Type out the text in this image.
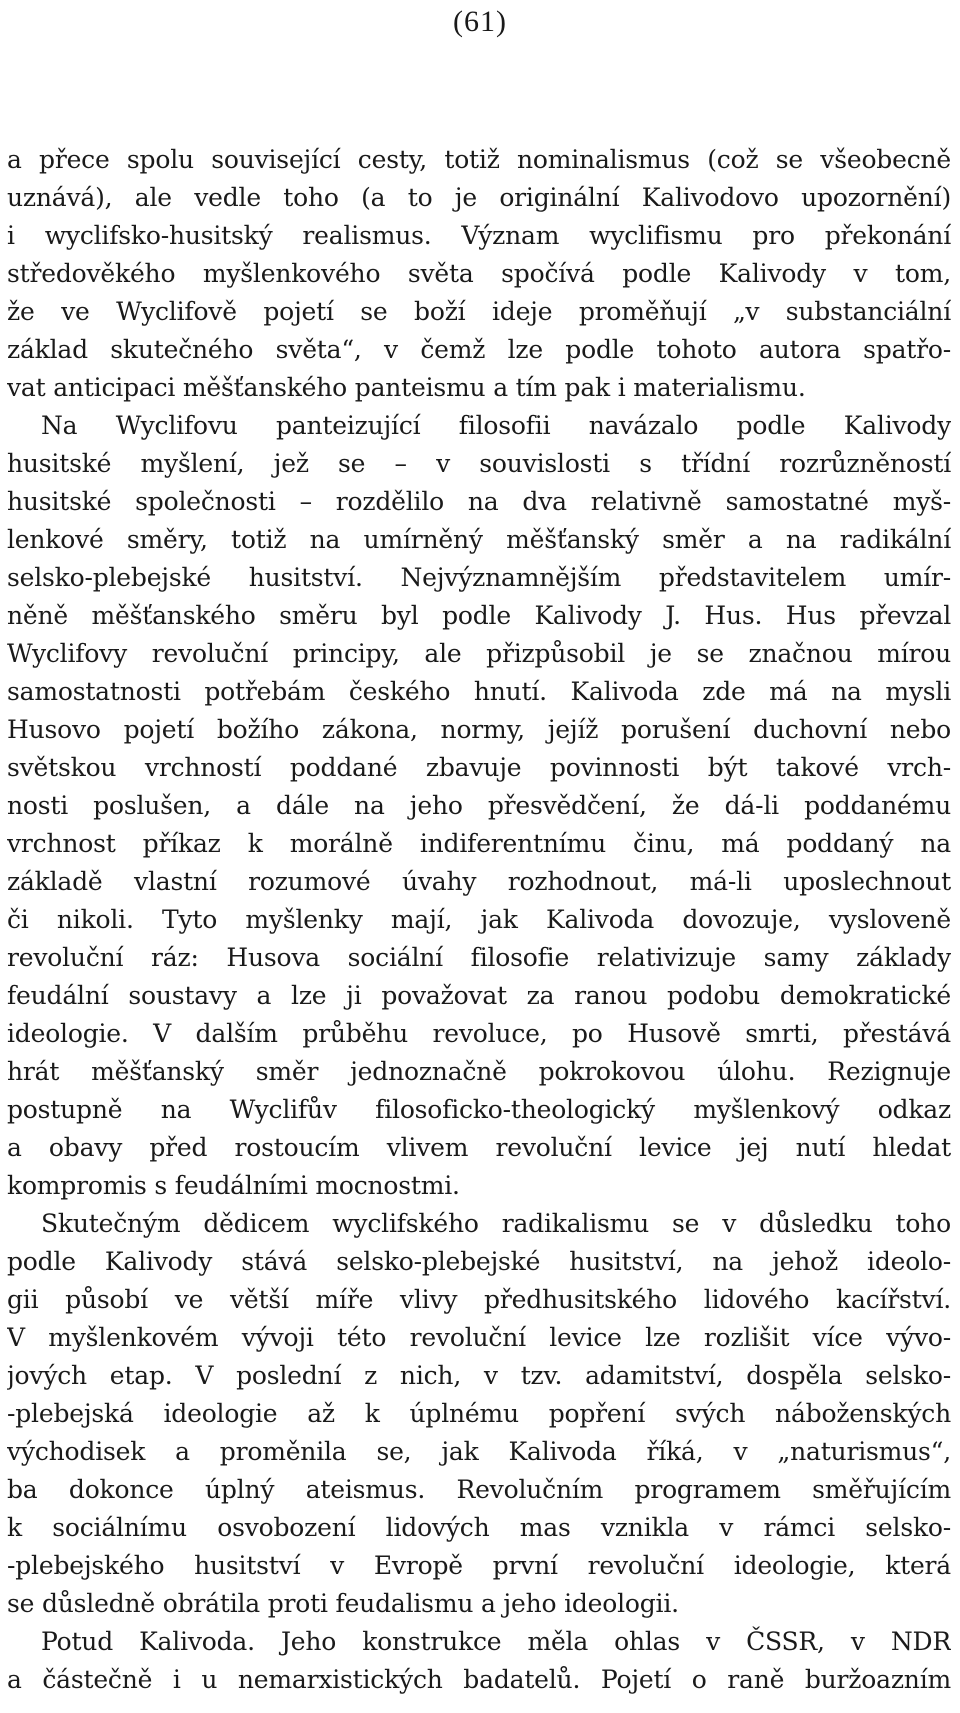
(61)
a přece spolu související cesty, totiž nominalismus (což se všeobecně
uznává), ale vedle toho (a to je originální Kalivodovo upozornění)
i wyclifsko-husitský realismus. Význam wyclifismu pro překonání
středověkého myšlenkového světa spočívá podle Kalivody v tom,
že ve Wyclifově pojetí se boží ideje proměňují „v substanciální
základ skutečného světa“, v čemž lze podle tohoto autora spatřo-
vat anticipaci měšťanského panteismu a tím pak i materialismu.
Na Wyclifovu panteizující filosofii navázalo podle Kalivody
husitské myšlení, jež se – v souvislosti s třídní rozrůzněností
husitské společnosti – rozdělilo na dva relativně samostatné myš-
lenkové směry, totiž na umírněný měšťanský směr a na radikální
selsko-plebejské husitství. Nejvýznamnějším představitelem umír-
něně měšťanského směru byl podle Kalivody J. Hus. Hus převzal
Wyclifovy revoluční principy, ale přizpůsobil je se značnou mírou
samostatnosti potřebám českého hnutí. Kalivoda zde má na mysli
Husovo pojetí božího zákona, normy, jejíž porušení duchovní nebo
světskou vrchností poddané zbavuje povinnosti být takové vrch-
nosti poslušen, a dále na jeho přesvědčení, že dá-li poddanému
vrchnost příkaz k morálně indiferentnímu činu, má poddaný na
základě vlastní rozumové úvahy rozhodnout, má-li uposlechnout
či nikoli. Tyto myšlenky mají, jak Kalivoda dovozuje, vysloveně
revoluční ráz: Husova sociální filosofie relativizuje samy základy
feudální soustavy a lze ji považovat za ranou podobu demokratické
ideologie. V dalším průběhu revoluce, po Husově smrti, přestává
hrát měšťanský směr jednoznačně pokrokovou úlohu. Rezignuje
postupně na Wyclifův filosoficko-theologický myšlenkový odkaz
a obavy před rostoucím vlivem revoluční levice jej nutí hledat
kompromis s feudálními mocnostmi.
Skutečným dědicem wyclifského radikalismu se v důsledku toho
podle Kalivody stává selsko-plebejské husitství, na jehož ideolo-
gii působí ve větší míře vlivy předhusitského lidového kacířství.
V myšlenkovém vývoji této revoluční levice lze rozlišit více vývo-
jových etap. V poslední z nich, v tzv. adamitství, dospěla selsko-
-plebejská ideologie až k úplnému popření svých náboženských
východisek a proměnila se, jak Kalivoda říká, v „naturismus“,
ba dokonce úplný ateismus. Revolučním programem směřujícím
k sociálnímu osvobození lidových mas vznikla v rámci selsko-
-plebejského husitství v Evropě první revoluční ideologie, která
se důsledně obrátila proti feudalismu a jeho ideologii.
Potud Kalivoda. Jeho konstrukce měla ohlas v ČSSR, v NDR
a částečně i u nemarxistických badatelů. Pojetí o raně buržoazním
